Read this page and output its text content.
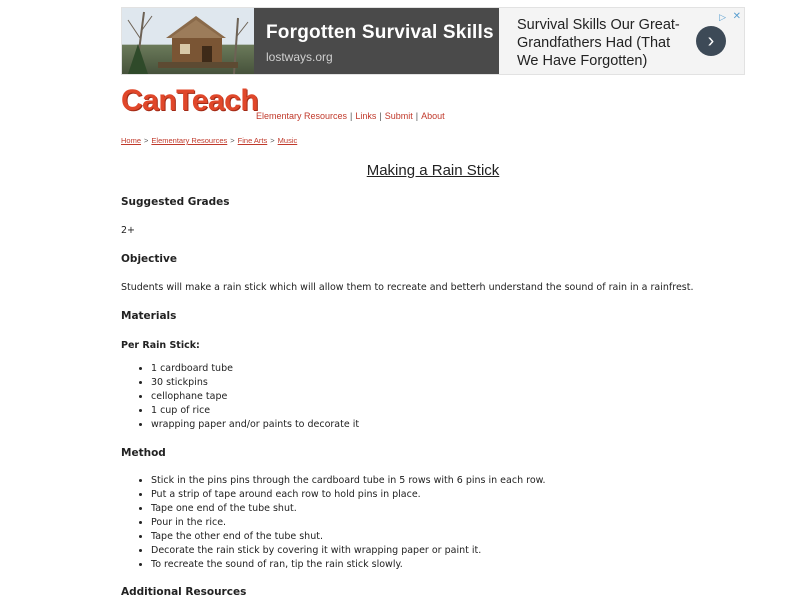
Forgotten Survival Skills
lostways.org
Survival Skills Our Great-Grandfathers Had (That We Have Forgotten)
›
▷ ✕
CanTeach
Elementary Resources | Links | Submit | About
Home > Elementary Resources > Fine Arts > Music
Making a Rain Stick
Suggested Grades
2+
Objective
Students will make a rain stick which will allow them to recreate and betterh understand the sound of rain in a rainfrest.
Materials
Per Rain Stick:
• 1 cardboard tube
• 30 stickpins
• cellophane tape
• 1 cup of rice
• wrapping paper and/or paints to decorate it
Method
• Stick in the pins pins through the cardboard tube in 5 rows with 6 pins in each row.
• Put a strip of tape around each row to hold pins in place.
• Tape one end of the tube shut.
• Pour in the rice.
• Tape the other end of the tube shut.
• Decorate the rain stick by covering it with wrapping paper or paint it.
• To recreate the sound of ran, tip the rain stick slowly.
Additional Resources
